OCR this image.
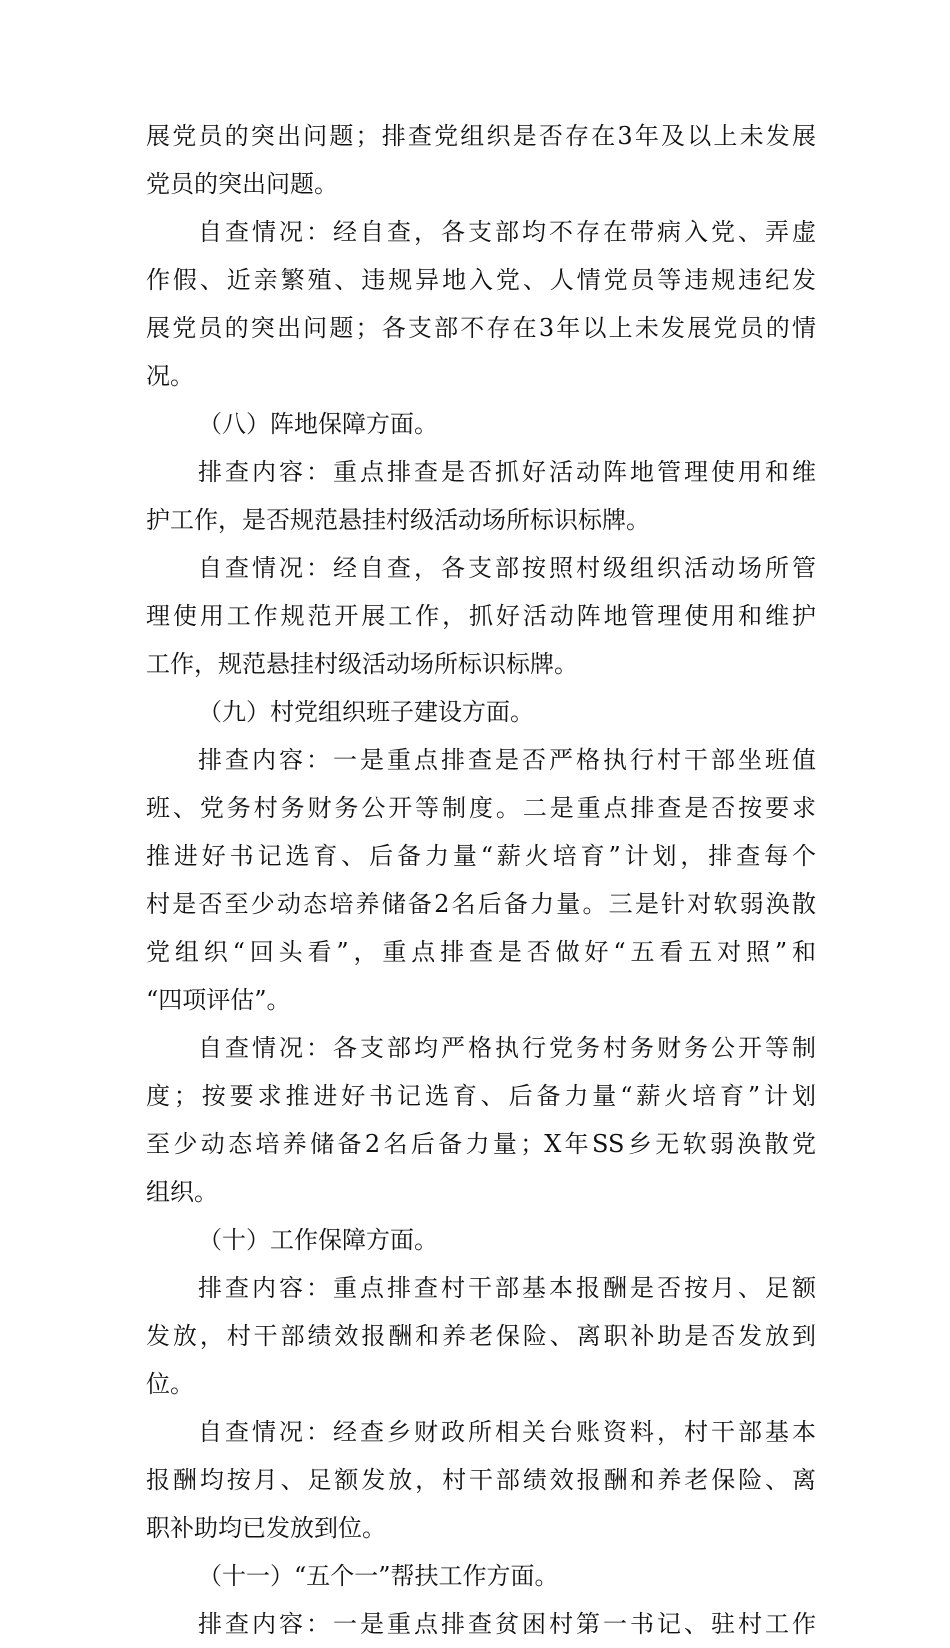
展党员的突出问题；排查党组织是否存在3年及以上未发展
党员的突出问题。
自查情况：经自查，各支部均不存在带病入党、弄虚
作假、近亲繁殖、违规异地入党、人情党员等违规违纪发
展党员的突出问题；各支部不存在3年以上未发展党员的情
况。
（八）阵地保障方面。
排查内容：重点排查是否抓好活动阵地管理使用和维
护工作，是否规范悬挂村级活动场所标识标牌。
自查情况：经自查，各支部按照村级组织活动场所管
理使用工作规范开展工作，抓好活动阵地管理使用和维护
工作，规范悬挂村级活动场所标识标牌。
（九）村党组织班子建设方面。
排查内容：一是重点排查是否严格执行村干部坐班值
班、党务村务财务公开等制度。二是重点排查是否按要求
推进好书记选育、后备力量“薪火培育”计划，排查每个
村是否至少动态培养储备2名后备力量。三是针对软弱涣散
党组织“回头看”，重点排查是否做好“五看五对照”和
“四项评估”。
自查情况：各支部均严格执行党务村务财务公开等制
度；按要求推进好书记选育、后备力量“薪火培育”计划
至少动态培养储备2名后备力量；X年SS乡无软弱涣散党
组织。
（十）工作保障方面。
排查内容：重点排查村干部基本报酬是否按月、足额
发放，村干部绩效报酬和养老保险、离职补助是否发放到
位。
自查情况：经查乡财政所相关台账资料，村干部基本
报酬均按月、足额发放，村干部绩效报酬和养老保险、离
职补助均已发放到位。
（十一）“五个一”帮扶工作方面。
排查内容：一是重点排查贫困村第一书记、驻村工作
